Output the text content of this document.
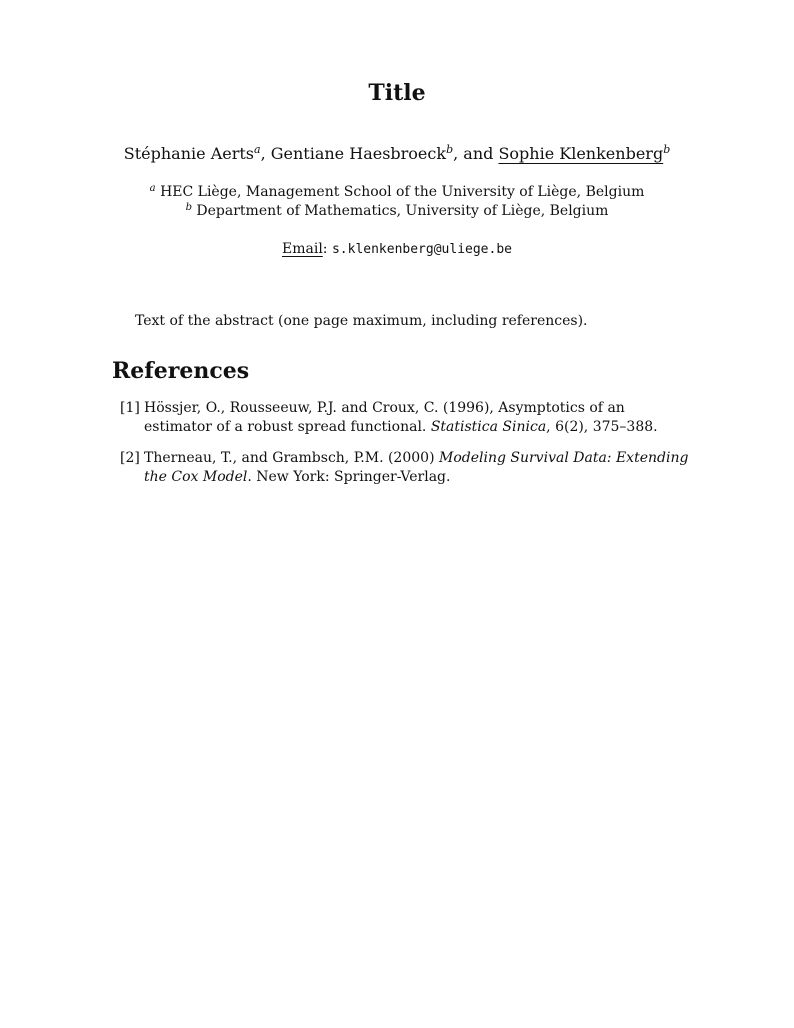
Title
Stéphanie Aerts$^a$, Gentiane Haesbroeck$^b$, and Sophie Klenkenberg$^b$
$^a$ HEC Liège, Management School of the University of Liège, Belgium
$^b$ Department of Mathematics, University of Liège, Belgium
Email: s.klenkenberg@uliege.be
Text of the abstract (one page maximum, including references).
References
[1] Hössjer, O., Rousseeuw, P.J. and Croux, C. (1996), Asymptotics of an estimator of a robust spread functional. Statistica Sinica, 6(2), 375–388.
[2] Therneau, T., and Grambsch, P.M. (2000) Modeling Survival Data: Extending the Cox Model. New York: Springer-Verlag.
